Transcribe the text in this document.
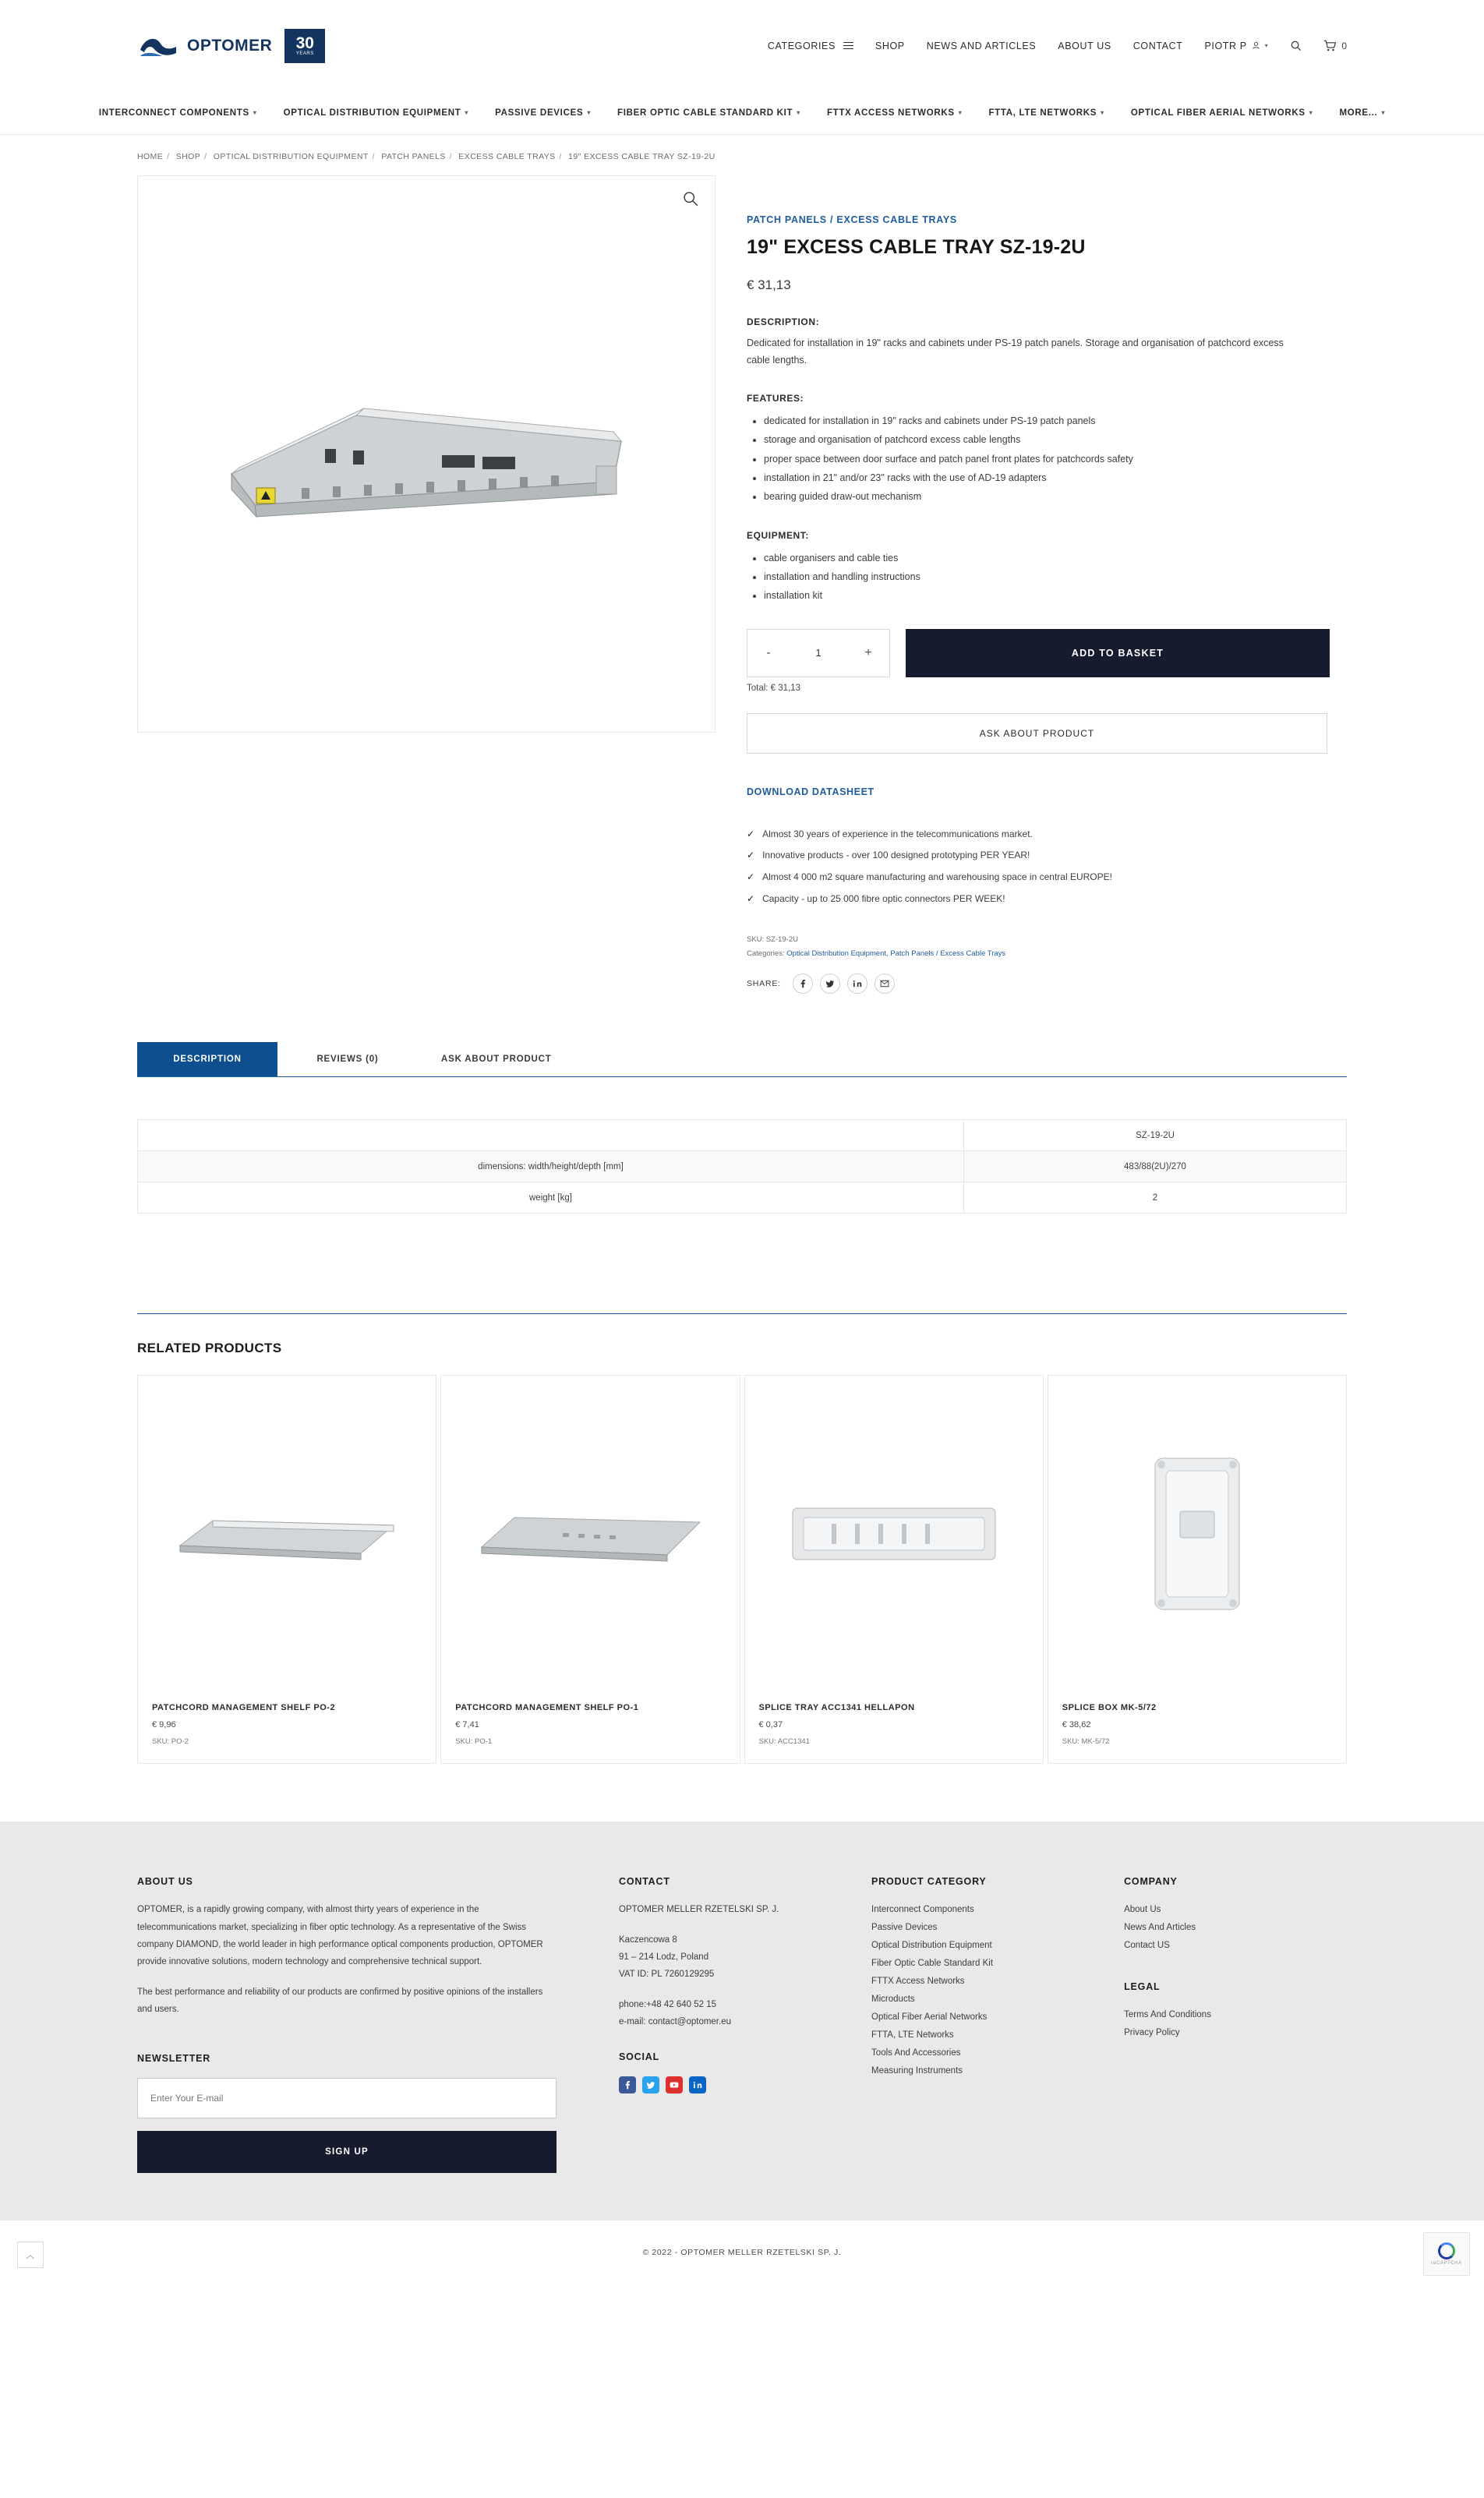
OPTOMER 30
YEARS
CATEGORIES	SHOP NEWS AND ARTICLES ABOUT US CONTACT PIOTR P	▾	0
INTERCONNECT COMPONENTS ▾	OPTICAL DISTRIBUTION EQUIPMENT ▾	PASSIVE DEVICES ▾	FIBER OPTIC CABLE STANDARD KIT ▾	FTTX ACCESS NETWORKS ▾	FTTA, LTE NETWORKS ▾	OPTICAL FIBER AERIAL NETWORKS ▾	MORE... ▾
HOME / SHOP / OPTICAL DISTRIBUTION EQUIPMENT / PATCH PANELS / EXCESS CABLE TRAYS / 19" EXCESS CABLE TRAY SZ-19-2U
PATCH PANELS / EXCESS CABLE TRAYS
19" EXCESS CABLE TRAY SZ-19-2U
€ 31,13
DESCRIPTION:
Dedicated for installation in 19" racks and cabinets under PS-19 patch panels. Storage and organisation of patchcord excess cable lengths.
FEATURES:
• dedicated for installation in 19" racks and cabinets under PS-19 patch panels
• storage and organisation of patchcord excess cable lengths
• proper space between door surface and patch panel front plates for patchcords safety
• installation in 21" and/or 23" racks with the use of AD-19 adapters
• bearing guided draw-out mechanism
EQUIPMENT:
• cable organisers and cable ties
• installation and handling instructions
• installation kit
-
1	+	ADD TO BASKET
Total: € 31,13
ASK ABOUT PRODUCT
DOWNLOAD DATASHEET
✓ Almost 30 years of experience in the telecommunications market.
✓ Innovative products - over 100 designed prototyping PER YEAR!
✓ Almost 4 000 m2 square manufacturing and warehousing space in central EUROPE!
✓ Capacity - up to 25 000 fibre optic connectors PER WEEK!
SKU: SZ-19-2U
Categories: Optical Distribution Equipment, Patch Panels / Excess Cable Trays
SHARE:
DESCRIPTION	REVIEWS (0)	ASK ABOUT PRODUCT
	SZ-19-2U
dimensions: width/height/depth [mm]	483/88(2U)/270
weight [kg]	2
RELATED PRODUCTS
PATCHCORD MANAGEMENT SHELF PO-2
€ 9,96
SKU: PO-2
PATCHCORD MANAGEMENT SHELF PO-1
€ 7,41
SKU: PO-1
SPLICE TRAY ACC1341 HELLAPON
€ 0,37
SKU: ACC1341
SPLICE BOX MK-5/72
€ 38,62
SKU: MK-5/72
ABOUT US

OPTOMER, is a rapidly growing company, with almost thirty years of experience in the telecommunications market, specializing in fiber optic technology. As a representative of the Swiss company DIAMOND, the world leader in high performance optical components production, OPTOMER provide innovative solutions, modern technology and comprehensive technical support.

The best performance and reliability of our products are confirmed by positive opinions of the installers and users.

NEWSLETTER
Enter Your E-mail SIGN UP
CONTACT

OPTOMER MELLER RZETELSKI SP. J.

Kaczencowa 8
91 – 214 Lodz, Poland
VAT ID: PL 7260129295

phone:+48 42 640 52 15
e-mail: contact@optomer.eu

SOCIAL
PRODUCT CATEGORY
Interconnect Components
Passive Devices
Optical Distribution Equipment
Fiber Optic Cable Standard Kit
FTTX Access Networks
Microducts
Optical Fiber Aerial Networks
FTTA, LTE Networks
Tools And Accessories
Measuring Instruments
COMPANY
About Us
News And Articles
Contact US
LEGAL
Terms And Conditions
Privacy Policy
© 2022 - OPTOMER MELLER RZETELSKI SP. J.
︿
reCAPTCHA
